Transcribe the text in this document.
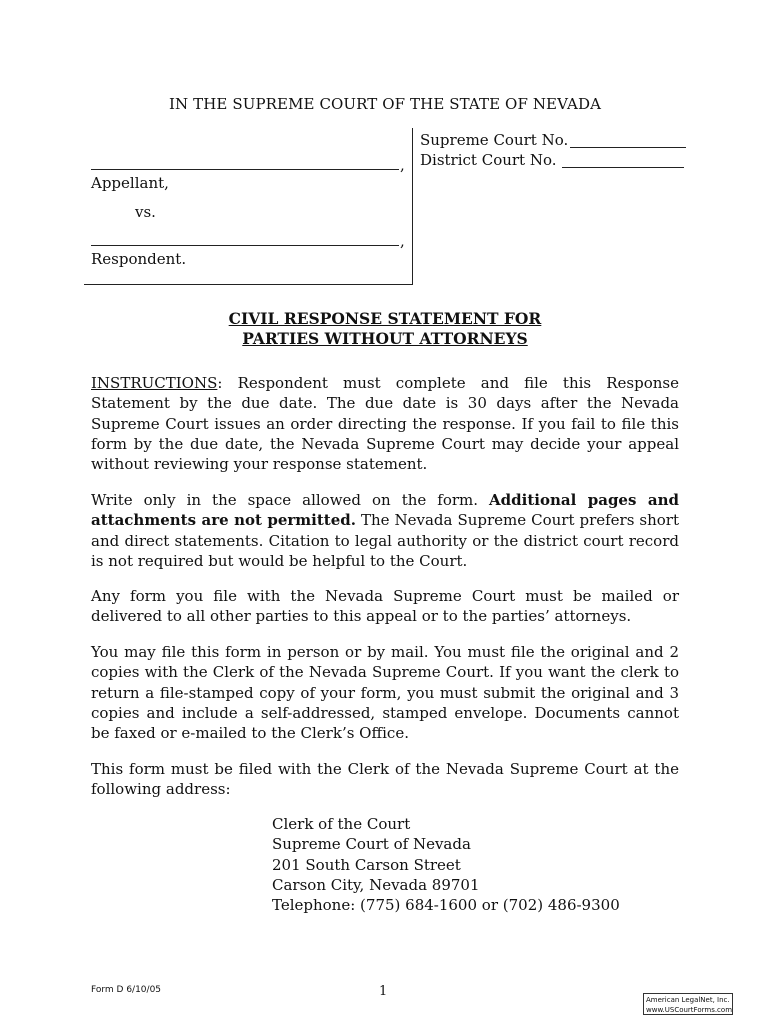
IN THE SUPREME COURT OF THE STATE OF NEVADA
,
Appellant,
vs.
,
Respondent.
Supreme Court No.
District Court No.
CIVIL RESPONSE STATEMENT FOR
PARTIES WITHOUT ATTORNEYS
INSTRUCTIONS: Respondent must complete and file this Response Statement by the due date. The due date is 30 days after the Nevada Supreme Court issues an order directing the response. If you fail to file this form by the due date, the Nevada Supreme Court may decide your appeal without reviewing your response statement.
Write only in the space allowed on the form. Additional pages and attachments are not permitted. The Nevada Supreme Court prefers short and direct statements. Citation to legal authority or the district court record is not required but would be helpful to the Court.
Any form you file with the Nevada Supreme Court must be mailed or delivered to all other parties to this appeal or to the parties’ attorneys.
You may file this form in person or by mail. You must file the original and 2 copies with the Clerk of the Nevada Supreme Court. If you want the clerk to return a file-stamped copy of your form, you must submit the original and 3 copies and include a self-addressed, stamped envelope. Documents cannot be faxed or e-mailed to the Clerk’s Office.
This form must be filed with the Clerk of the Nevada Supreme Court at the following address:
Clerk of the Court
Supreme Court of Nevada
201 South Carson Street
Carson City, Nevada 89701
Telephone: (775) 684-1600 or (702) 486-9300
Form D 6/10/05	1
American LegalNet, Inc.
www.USCourtForms.com
